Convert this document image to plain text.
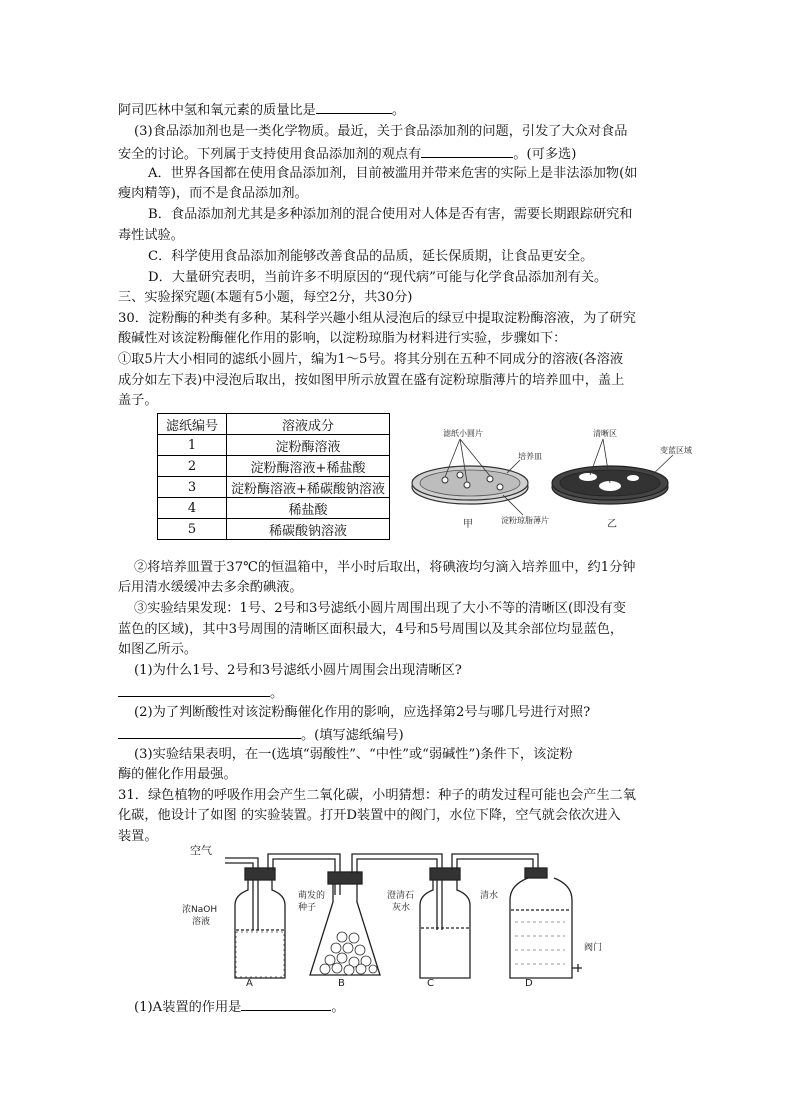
阿司匹林中氢和氧元素的质量比是	。
(3)食品添加剂也是一类化学物质。最近，关于食品添加剂的问题，引发了大众对食品
安全的讨论。下列属于支持使用食品添加剂的观点有	。(可多选)
A．世界各国都在使用食品添加剂，目前被滥用并带来危害的实际上是非法添加物(如
瘦肉精等)，而不是食品添加剂。
B．食品添加剂尤其是多种添加剂的混合使用对人体是否有害，需要长期跟踪研究和
毒性试验。
C．科学使用食品添加剂能够改善食品的品质，延长保质期，让食品更安全。
D．大量研究表明，当前许多不明原因的“现代病”可能与化学食品添加剂有关。
三、实验探究题(本题有5小题，每空2分，共30分)
30．淀粉酶的种类有多种。某科学兴趣小组从浸泡后的绿豆中提取淀粉酶溶液，为了研究
酸碱性对该淀粉酶催化作用的影响，以淀粉琼脂为材料进行实验，步骤如下：
①取5片大小相同的滤纸小圆片，编为1～5号。将其分别在五种不同成分的溶液(各溶液
成分如左下表)中浸泡后取出，按如图甲所示放置在盛有淀粉琼脂薄片的培养皿中，盖上
盖子。
滤纸编号	溶液成分
1	淀粉酶溶液
2	淀粉酶溶液+稀盐酸
3	淀粉酶溶液+稀碳酸钠溶液
4	稀盐酸
5	稀碳酸钠溶液
滤纸小圆片
培养皿
清晰区
变蓝区域
淀粉琼脂薄片
甲	乙
②将培养皿置于37℃的恒温箱中，半小时后取出，将碘液均匀滴入培养皿中，约1分钟
后用清水缓缓冲去多余酌碘液。
③实验结果发现：1号、2号和3号滤纸小圆片周围出现了大小不等的清晰区(即没有变
蓝色的区域)，其中3号周围的清晰区面积最大，4号和5号周围以及其余部位均显蓝色，
如图乙所示。
(1)为什么1号、2号和3号滤纸小圆片周围会出现清晰区?
。
(2)为了判断酸性对该淀粉酶催化作用的影响，应选择第2号与哪几号进行对照?
。(填写滤纸编号)
(3)实验结果表明，在一(选填“弱酸性”、“中性”或“弱碱性”)条件下，该淀粉
酶的催化作用最强。
31．绿色植物的呼吸作用会产生二氧化碳，小明猜想：种子的萌发过程可能也会产生二氧
化碳，他设计了如图 的实验装置。打开D装置中的阀门，水位下降，空气就会依次进入
装置。
空气
浓NaOH
溶液
萌发的
种子
澄清石
灰水
清水
阀门
A	B	C	D
(1)A装置的作用是	。
